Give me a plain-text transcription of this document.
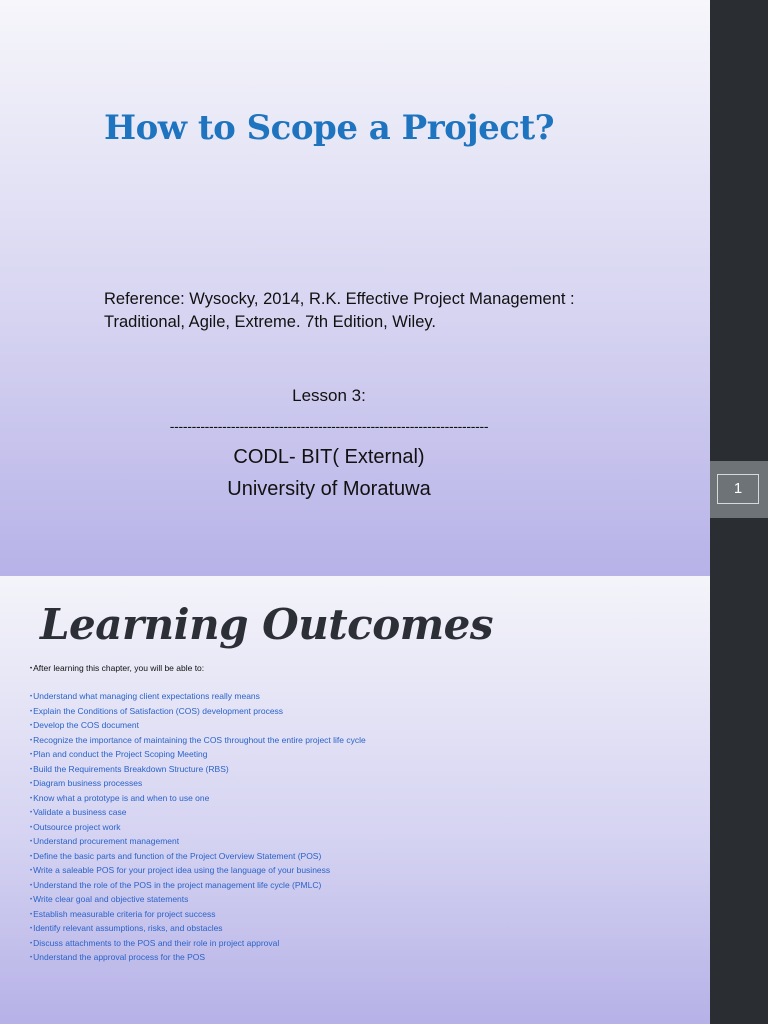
How to Scope a Project?

Reference: Wysocky, 2014, R.K. Effective Project Management : Traditional, Agile, Extreme. 7th Edition, Wiley.

Lesson 3:

-------------------------------------------------------------------------

CODL- BIT( External)

University of Moratuwa

Learning Outcomes

• After learning this chapter, you will be able to:

• Understand what managing client expectations really means
• Explain the Conditions of Satisfaction (COS) development process
• Develop the COS document
• Recognize the importance of maintaining the COS throughout the entire project life cycle
• Plan and conduct the Project Scoping Meeting
• Build the Requirements Breakdown Structure (RBS)
• Diagram business processes
• Know what a prototype is and when to use one
• Validate a business case
• Outsource project work
• Understand procurement management
• Define the basic parts and function of the Project Overview Statement (POS)
• Write a saleable POS for your project idea using the language of your business
• Understand the role of the POS in the project management life cycle (PMLC)
• Write clear goal and objective statements
• Establish measurable criteria for project success
• Identify relevant assumptions, risks, and obstacles
• Discuss attachments to the POS and their role in project approval
• Understand the approval process for the POS
1
